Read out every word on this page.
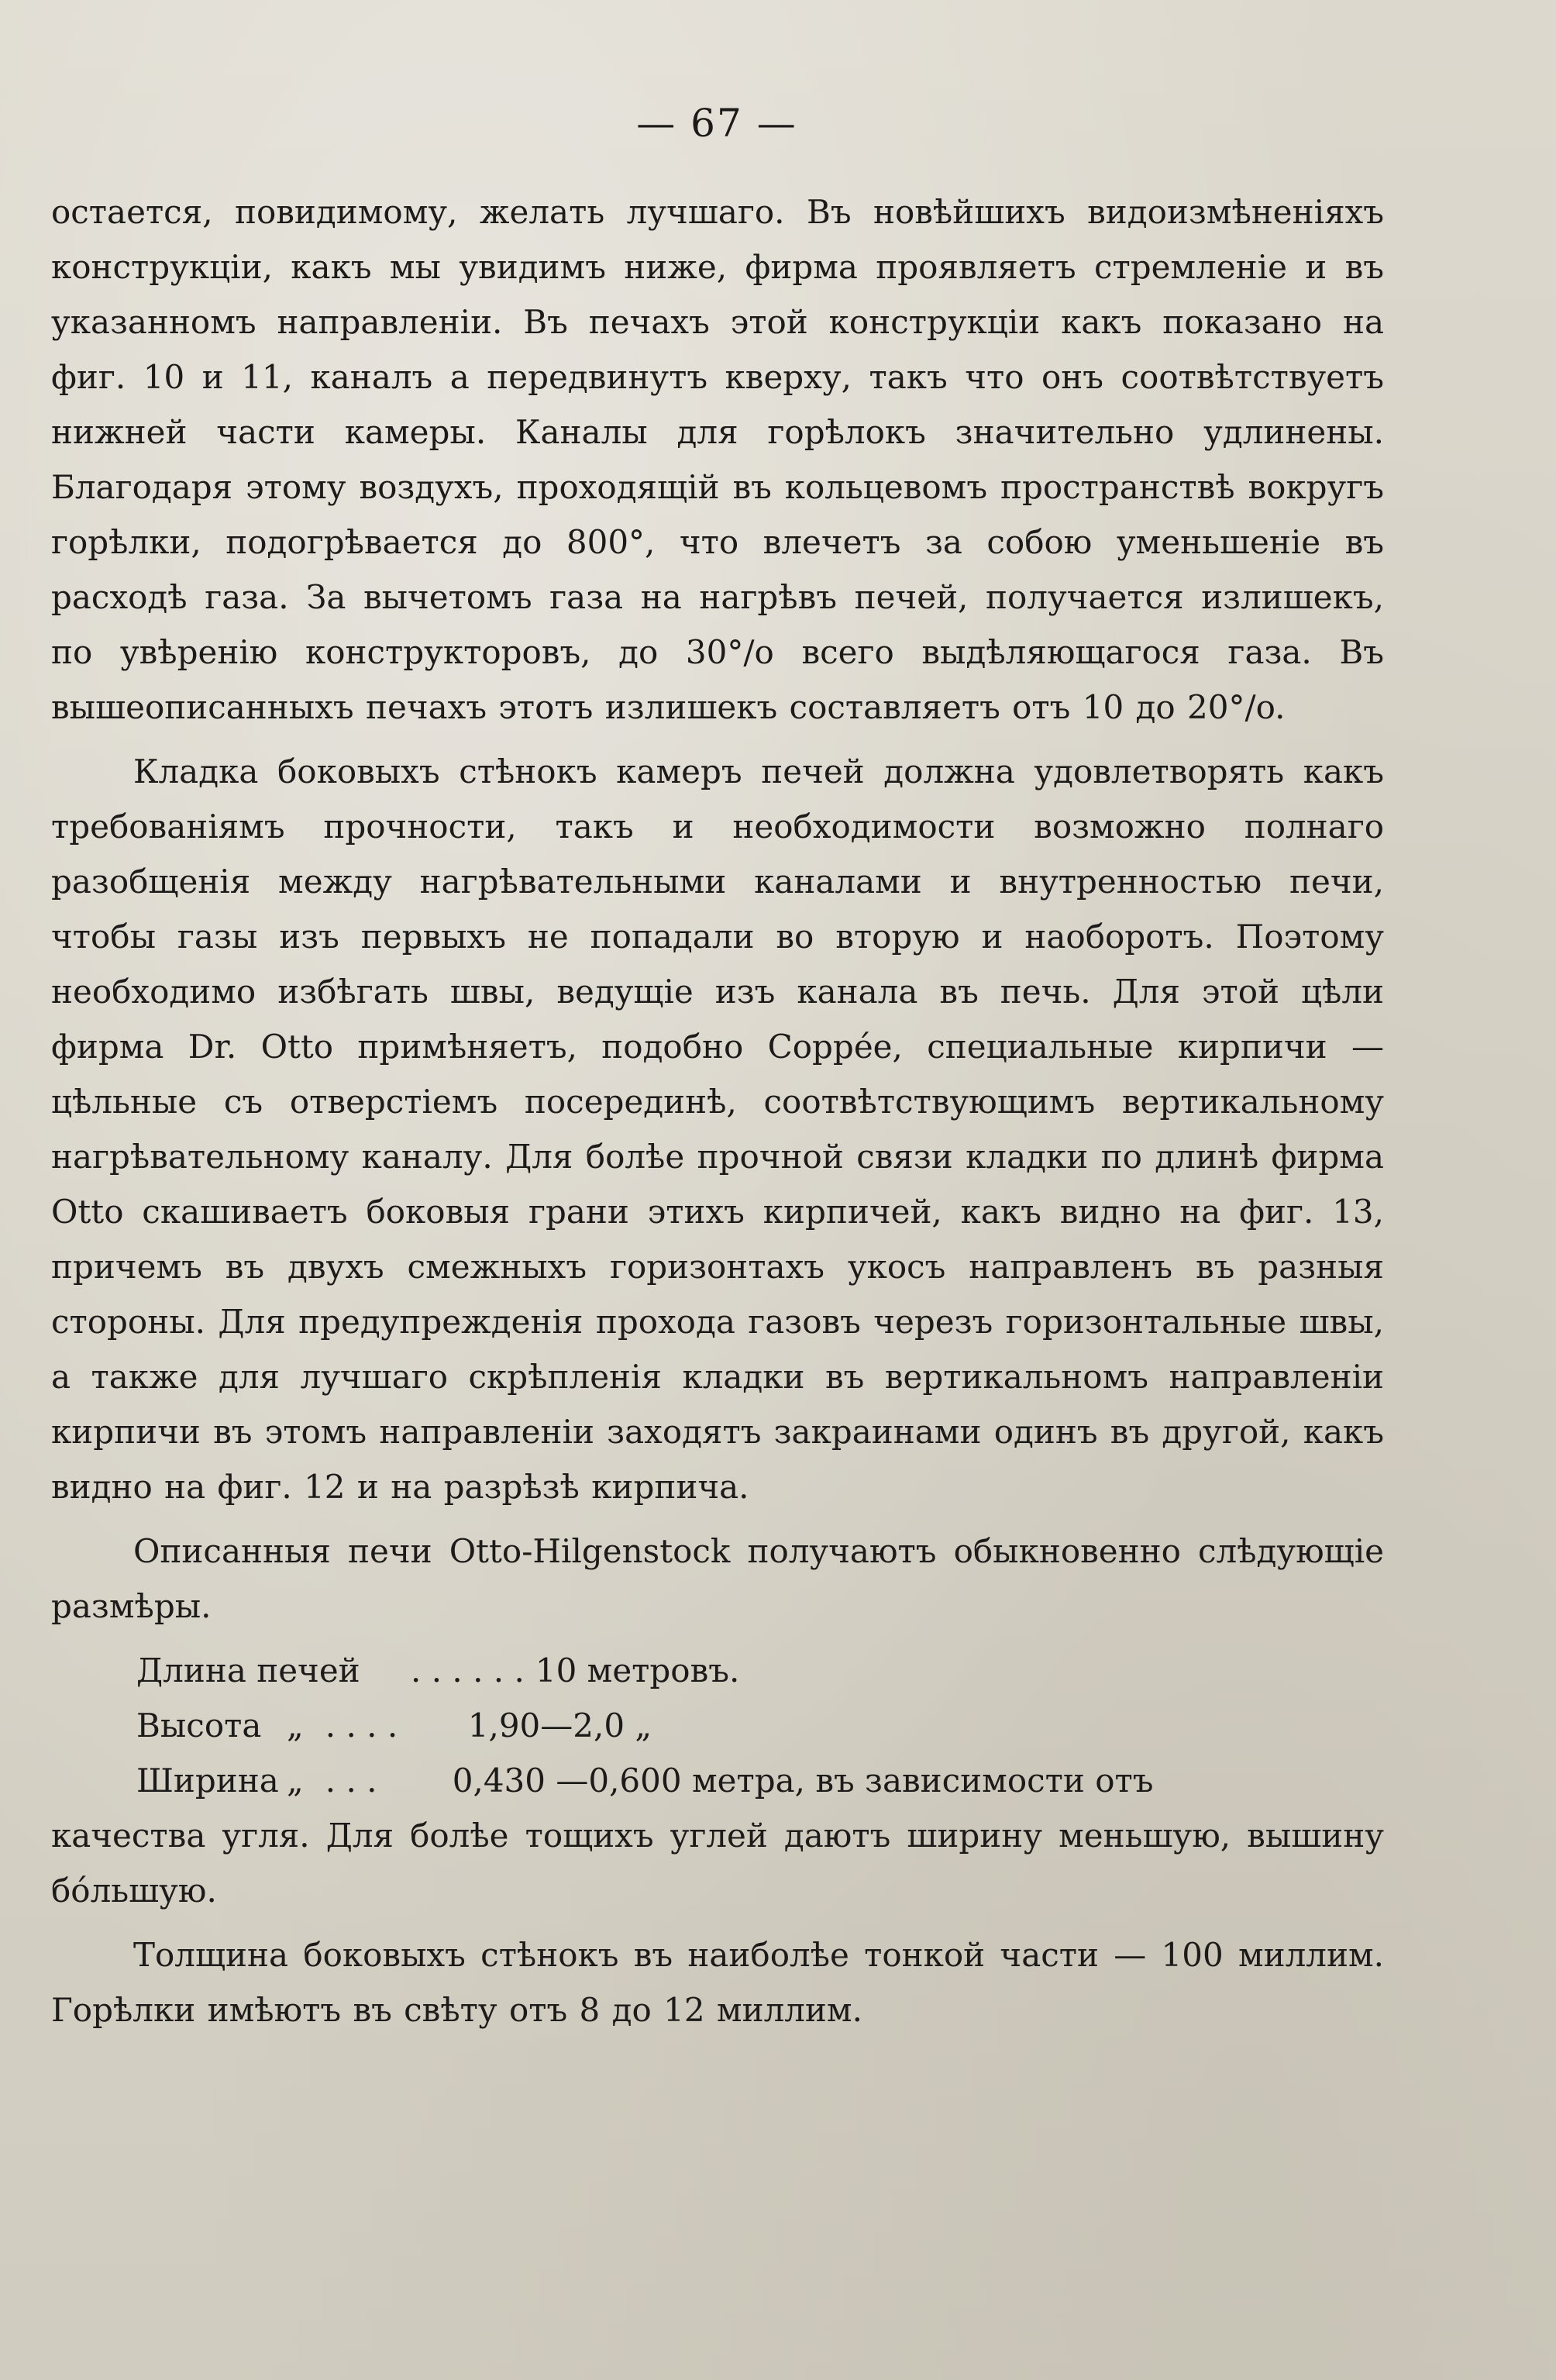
— 67 —

остается, повидимому, желать лучшаго. Въ новѣйшихъ видоизмѣненіяхъ конструкціи, какъ мы увидимъ ниже, фирма проявляетъ стремленіе и въ указанномъ направленіи. Въ печахъ этой конструкціи какъ показано на фиг. 10 и 11, каналъ a передвинутъ кверху, такъ что онъ соотвѣтствуетъ нижней части камеры. Каналы для горѣлокъ значительно удлинены. Благодаря этому воздухъ, проходящій въ кольцевомъ пространствѣ вокругъ горѣлки, подогрѣвается до 800°, что влечетъ за собою уменьшеніе въ расходѣ газа. За вычетомъ газа на нагрѣвъ печей, получается излишекъ, по увѣренію конструкторовъ, до 30°/o всего выдѣляющагося газа. Въ вышеописанныхъ печахъ этотъ излишекъ составляетъ отъ 10 до 20°/o.

Кладка боковыхъ стѣнокъ камеръ печей должна удовлетворять какъ требованіямъ прочности, такъ и необходимости возможно полнаго разобщенія между нагрѣвательными каналами и внутренностью печи, чтобы газы изъ первыхъ не попадали во вторую и наоборотъ. Поэтому необходимо избѣгать швы, ведущіе изъ канала въ печь. Для этой цѣли фирма Dr. Otto примѣняетъ, подобно Coppée, специальные кирпичи — цѣльные съ отверстіемъ посерединѣ, соотвѣтствующимъ вертикальному нагрѣвательному каналу. Для болѣе прочной связи кладки по длинѣ фирма Otto скашиваетъ боковыя грани этихъ кирпичей, какъ видно на фиг. 13, причемъ въ двухъ смежныхъ горизонтахъ укосъ направленъ въ разныя стороны. Для предупрежденія прохода газовъ черезъ горизонтальные швы, а также для лучшаго скрѣпленія кладки въ вертикальномъ направленіи кирпичи въ этомъ направленіи заходятъ закраинами одинъ въ другой, какъ видно на фиг. 12 и на разрѣзѣ кирпича.

Описанныя печи Otto-Hilgenstock получаютъ обыкновенно слѣдующіе размѣры.

Длина печей	. . . . . . 10 метровъ.
Высота „ . . . .	1,90—2,0 „
Ширина „ . . .	0,430 —0,600 метра, въ зависимости отъ

качества угля. Для болѣе тощихъ углей даютъ ширину меньшую, вышину бо́льшую.

Толщина боковыхъ стѣнокъ въ наиболѣе тонкой части — 100 миллим. Горѣлки имѣютъ въ свѣту отъ 8 до 12 миллим.
